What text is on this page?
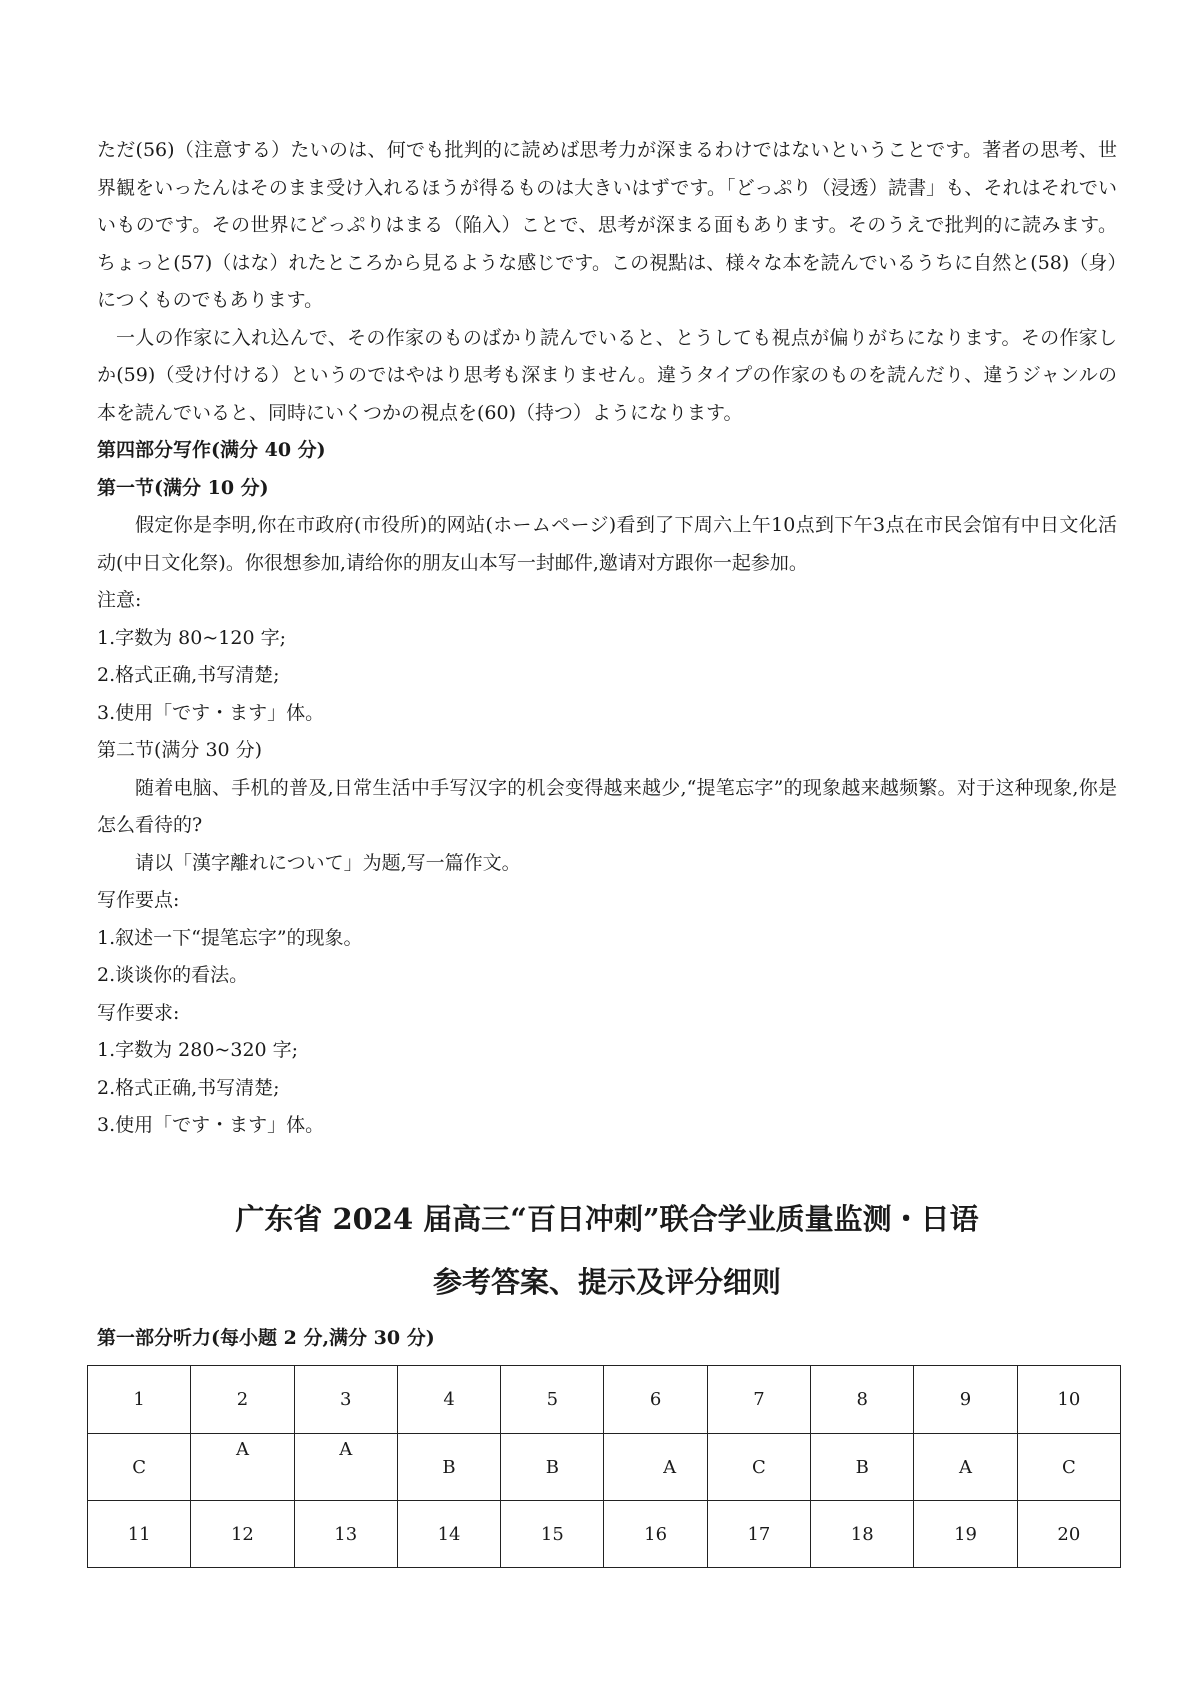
ただ(56)（注意する）たいのは、何でも批判的に読めば思考力が深まるわけではないということです。著者の思考、世界観をいったんはそのまま受け入れるほうが得るものは大きいはずです。「どっぷり（浸透）読書」も、それはそれでいいものです。その世界にどっぷりはまる（陥入）ことで、思考が深まる面もあります。そのうえで批判的に読みます。ちょっと(57)（はな）れたところから見るような感じです。この視點は、様々な本を読んでいるうちに自然と(58)（身）につくものでもあります。

一人の作家に入れ込んで、その作家のものばかり読んでいると、とうしても視点が偏りがちになります。その作家しか(59)（受け付ける）というのではやはり思考も深まりません。違うタイプの作家のものを読んだり、違うジャンルの本を読んでいると、同時にいくつかの視点を(60)（持つ）ようになります。

第四部分写作(满分 40 分)

第一节(满分 10 分)

假定你是李明,你在市政府(市役所)的网站(ホームページ)看到了下周六上午10点到下午3点在市民会馆有中日文化活动(中日文化祭)。你很想参加,请给你的朋友山本写一封邮件,邀请对方跟你一起参加。

注意:

1.字数为 80~120 字;

2.格式正确,书写清楚;

3.使用「です・ます」体。

第二节(满分 30 分)

随着电脑、手机的普及,日常生活中手写汉字的机会变得越来越少,“提笔忘字”的现象越来越频繁。对于这种现象,你是怎么看待的?

请以「漢字離れについて」为题,写一篇作文。

写作要点:

1.叙述一下“提笔忘字”的现象。

2.谈谈你的看法。

写作要求:

1.字数为 280~320 字;

2.格式正确,书写清楚;

3.使用「です・ます」体。

广东省 2024 届高三“百日冲刺”联合学业质量监测・日语
参考答案、提示及评分细则

第一部分听力(每小题 2 分,满分 30 分)

1	2	3	4	5	6	7	8	9	10
C	A	A	B	B	A	C	B	A	C
11	12	13	14	15	16	17	18	19	20
